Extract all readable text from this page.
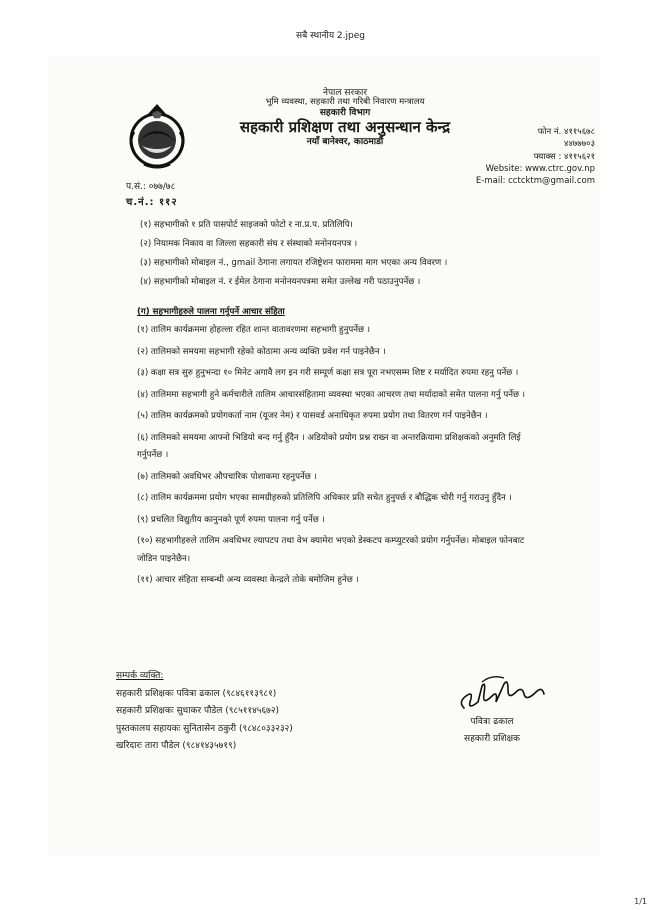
सबै स्थानीय 2.jpeg
नेपाल सरकार
भूमि व्यवस्था, सहकारी तथा गरिबी निवारण मन्त्रालय
सहकारी विभाग
सहकारी प्रशिक्षण तथा अनुसन्धान केन्द्र
नयाँ बानेश्वर, काठमाडौं
फोन नं. ४११५६७८
४४७७७०३
फ्याक्स : ४११५६२१
Website: www.ctrc.gov.np
E-mail: cctcktm@gmail.com
प.सं.: ०७७/७८
च.नं.: ११२
(१) सहभागीको १ प्रति पासपोर्ट साइजको फोटो र ना.प्र.प. प्रतिलिपि।
(२) नियामक निकाय वा जिल्ला सहकारी संघ र संस्थाको मनोनयनपत्र ।
(३) सहभागीको मोबाइल नं., gmail ठेगाना लगायत रजिष्ट्रेशन फाराममा माग भएका अन्य विवरण ।
(४) सहभागीको मोबाइल नं. र ईमेल ठेगाना मनोनयनपत्रमा समेत उल्लेख गरी पठाउनुपर्नेछ ।
(ग) सहभागीहरुले पालना गर्नुपर्ने आचार संहिता
(१) तालिम कार्यक्रममा होहल्ला रहित शान्त वातावरणमा सहभागी हुनुपर्नेछ ।
(२) तालिमको समयमा सहभागी रहेको कोठामा अन्य व्यक्ति प्रवेश गर्न पाइनेछैन ।
(३) कक्षा सत्र सुरु हुनुभन्दा १० मिनेट अगावै लग इन गरी सम्पूर्ण कक्षा सत्र पूरा नभएसम्म शिष्ट र मर्यादित रुपमा रहनु पर्नेछ ।
(४) तालिममा सहभागी हुने कर्मचारीले तालिम आचारसंहितामा व्यवस्था भएका आचरण तथा मर्यादाको समेत पालना गर्नु पर्नेछ ।
(५) तालिम कार्यक्रमको प्रयोगकर्ता नाम (यूजर नेम) र पासवर्ड अनाधिकृत रुपमा प्रयोग तथा वितरण गर्न पाइनेछैन ।
(६) तालिमको समयमा आफ्नो भिडियो बन्द गर्नु हुँदैन । अडियोको प्रयोग प्रश्न राख्न वा अन्तरक्रियामा प्रशिक्षकको अनुमति लिई गर्नुपर्नेछ ।
(७) तालिमको अवधिभर औपचारिक पोशाकमा रहनुपर्नेछ ।
(८) तालिम कार्यक्रममा प्रयोग भएका सामग्रीहरुको प्रतिलिपि अधिकार प्रति सचेत हुनुपर्छ र बौद्धिक चोरी गर्नु गराउनु हुँदैन ।
(९) प्रचलित विद्युतीय कानुनको पूर्ण रुपमा पालना गर्नु पर्नेछ ।
(१०) सहभागीहरुले तालिम अवधिभर ल्यापटप तथा वेभ क्यामेरा भएको डेस्कटप कम्प्युटरको प्रयोग गर्नुपर्नेछ। मोबाइल फोनबाट जोडिन पाइनेछैन।
(११) आचार संहिता सम्बन्धी अन्य व्यवस्था केन्द्रले तोके बमोजिम हुनेछ ।
सम्पर्क व्यक्ति:
सहकारी प्रशिक्षकः पवित्रा ढकाल (९८४६११३९८१)
सहकारी प्रशिक्षकः सुधाकर पौडेल (९८५११४५६७२)
पुस्तकालय सहायकः सुनितासेन ठकुरी (९८४८०३३२३२)
खरिदारः तारा पौडेल (९८४१४३५७१९)
पवित्रा ढकाल
सहकारी प्रशिक्षक
1/1
